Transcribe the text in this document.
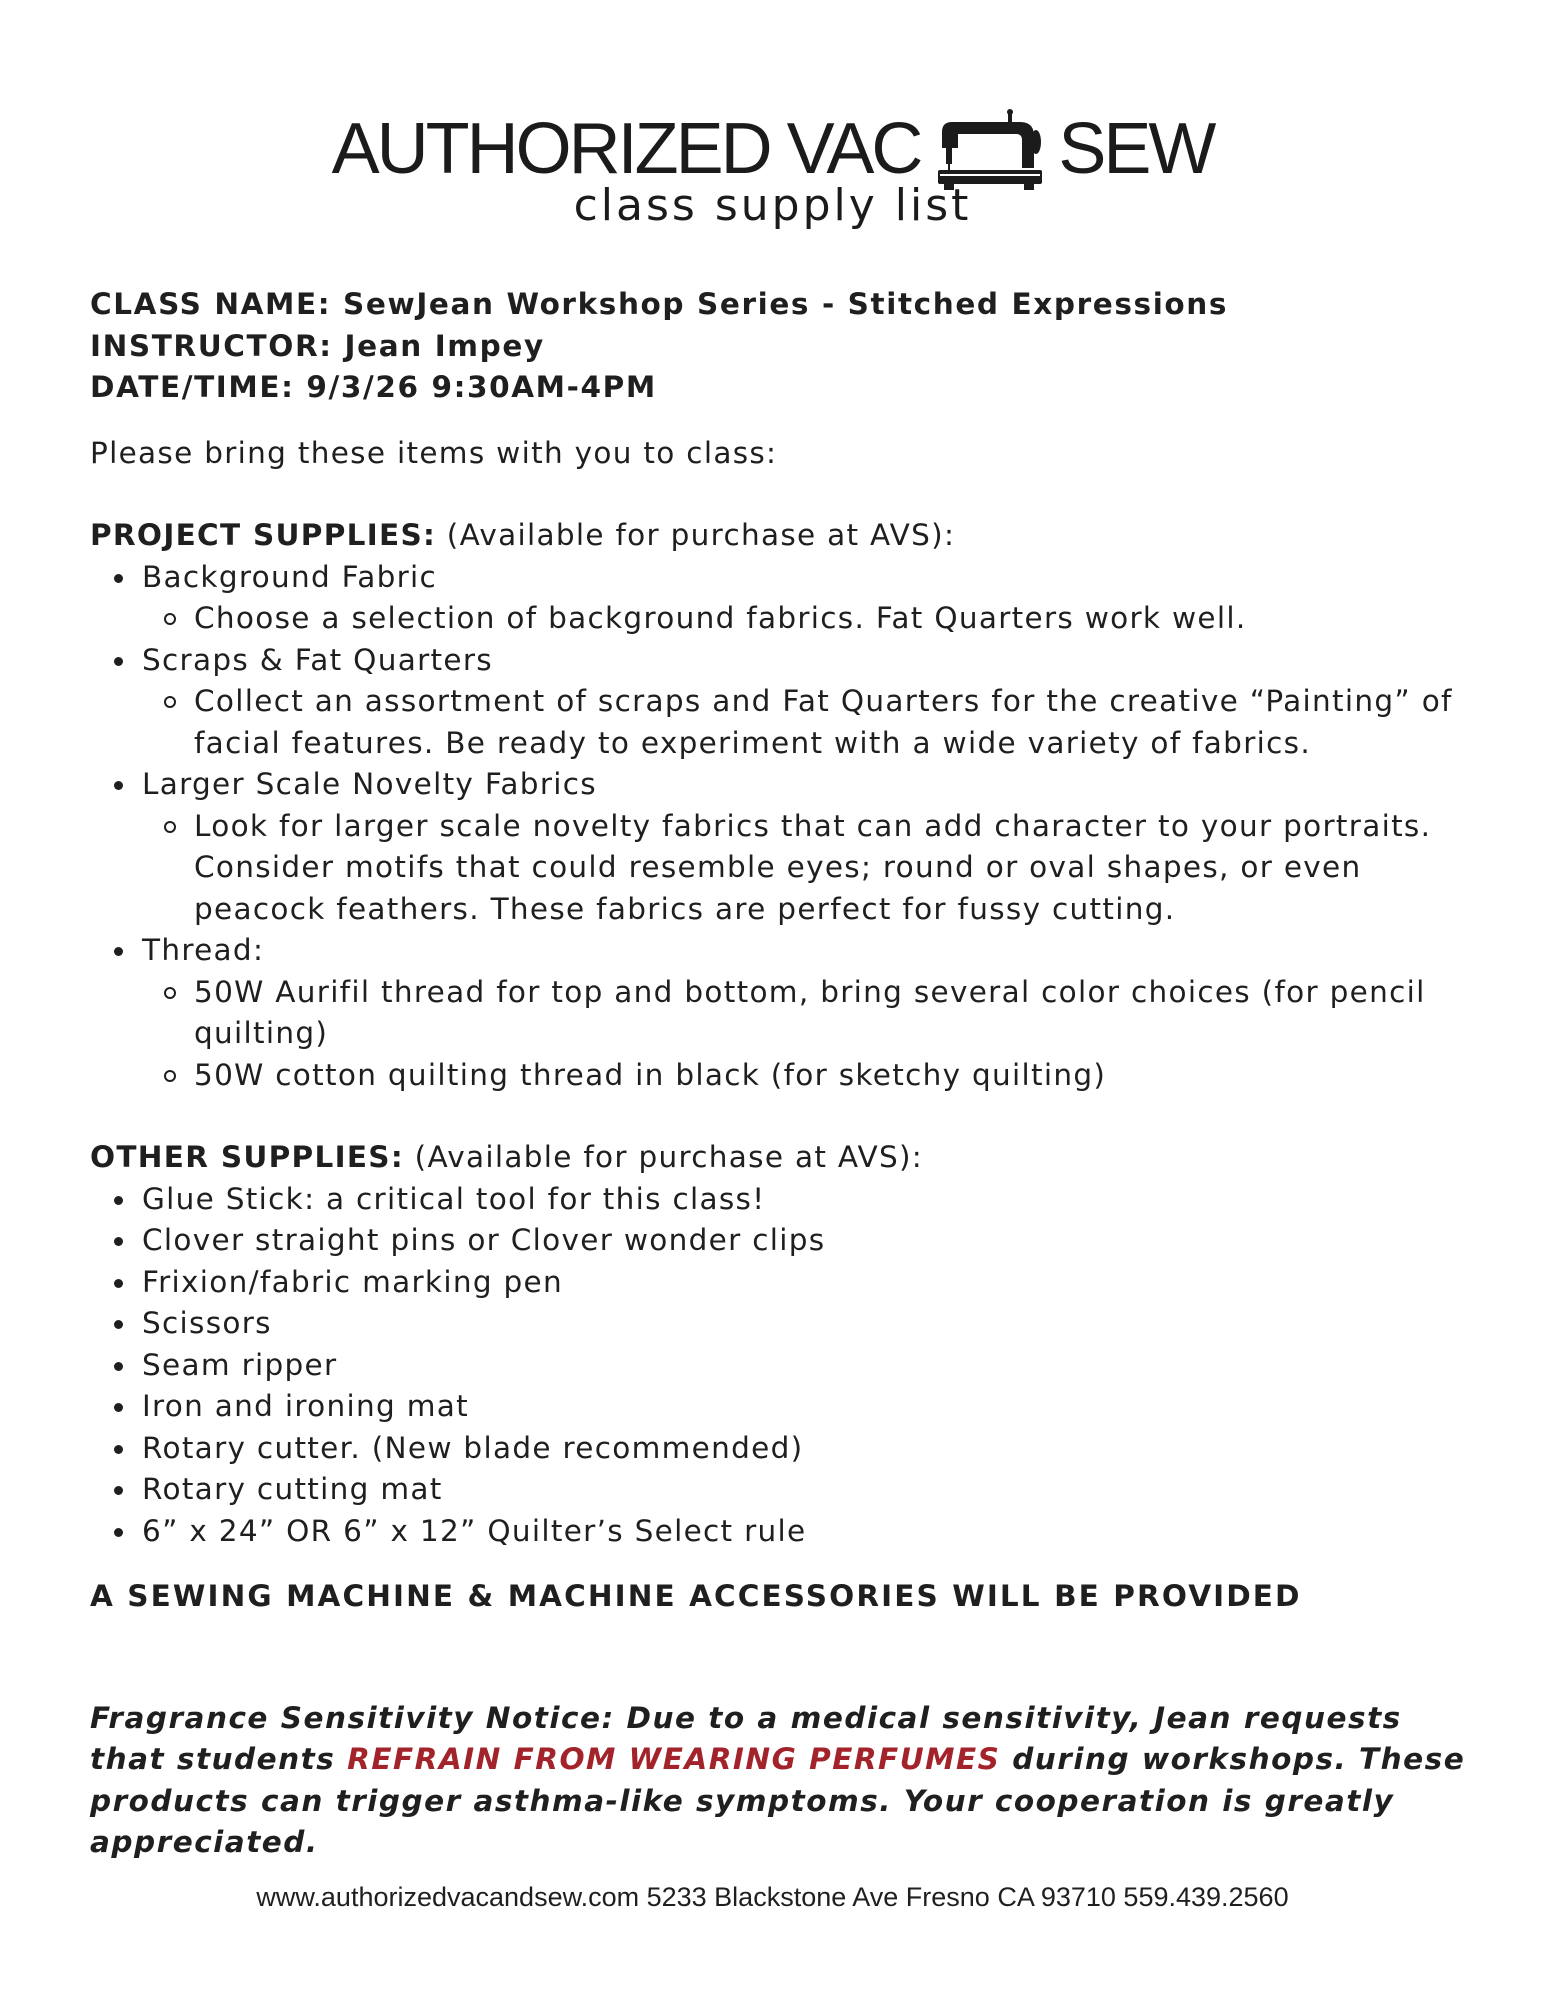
AUTHORIZED VAC SEW
class supply list
CLASS NAME: SewJean Workshop Series - Stitched Expressions
INSTRUCTOR: Jean Impey
DATE/TIME: 9/3/26 9:30AM-4PM
Please bring these items with you to class:
PROJECT SUPPLIES: (Available for purchase at AVS):
Background Fabric
Choose a selection of background fabrics. Fat Quarters work well.
Scraps & Fat Quarters
Collect an assortment of scraps and Fat Quarters for the creative “Painting” of facial features. Be ready to experiment with a wide variety of fabrics.
Larger Scale Novelty Fabrics
Look for larger scale novelty fabrics that can add character to your portraits. Consider motifs that could resemble eyes; round or oval shapes, or even peacock feathers. These fabrics are perfect for fussy cutting.
Thread:
50W Aurifil thread for top and bottom, bring several color choices (for pencil quilting)
50W cotton quilting thread in black (for sketchy quilting)
OTHER SUPPLIES: (Available for purchase at AVS):
Glue Stick: a critical tool for this class!
Clover straight pins or Clover wonder clips
Frixion/fabric marking pen
Scissors
Seam ripper
Iron and ironing mat
Rotary cutter. (New blade recommended)
Rotary cutting mat
6” x 24” OR 6” x 12” Quilter’s Select rule
A SEWING MACHINE & MACHINE ACCESSORIES WILL BE PROVIDED
Fragrance Sensitivity Notice: Due to a medical sensitivity, Jean requests that students REFRAIN FROM WEARING PERFUMES during workshops. These products can trigger asthma-like symptoms. Your cooperation is greatly appreciated.
www.authorizedvacandsew.com 5233 Blackstone Ave Fresno CA 93710 559.439.2560
